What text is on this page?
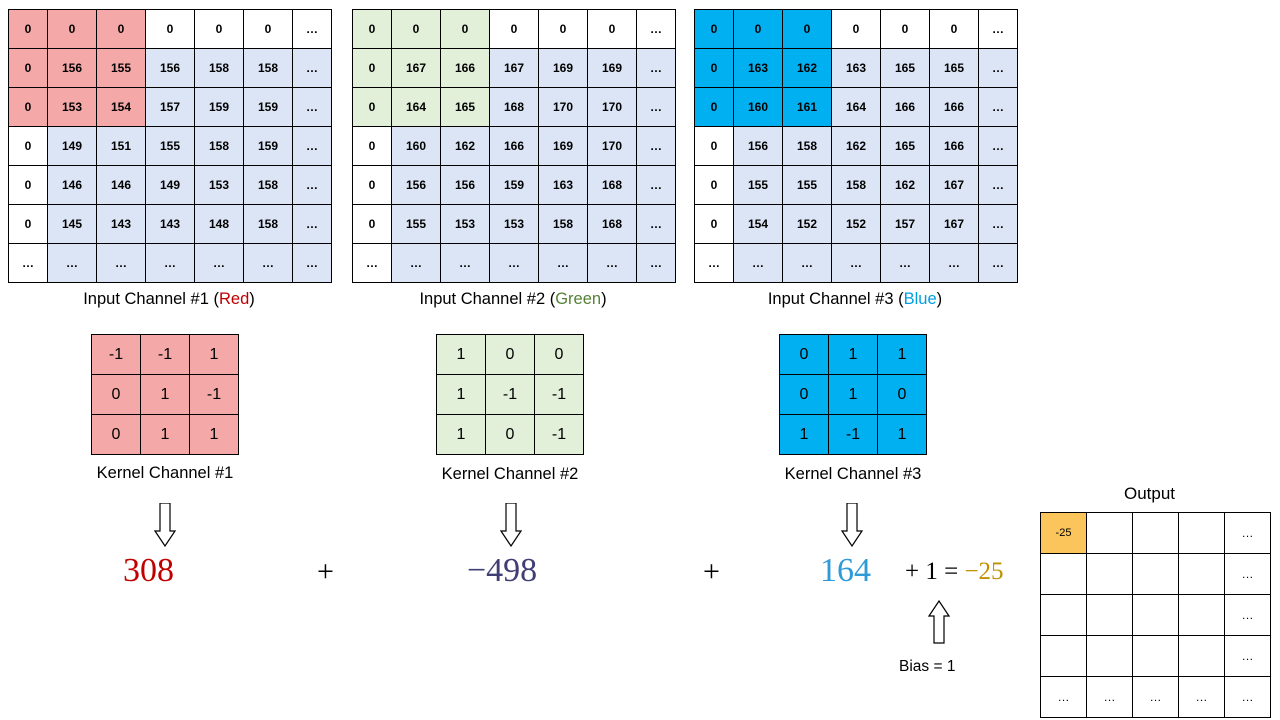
0	0	0	0	0	0	…
0	156	155	156	158	158	…
0	153	154	157	159	159	…
0	149	151	155	158	159	…
0	146	146	149	153	158	…
0	145	143	143	148	158	…
…	…	…	…	…	…	…
Input Channel #1 (Red)
0	0	0	0	0	0	…
0	167	166	167	169	169	…
0	164	165	168	170	170	…
0	160	162	166	169	170	…
0	156	156	159	163	168	…
0	155	153	153	158	168	…
…	…	…	…	…	…	…
Input Channel #2 (Green)
0	0	0	0	0	0	…
0	163	162	163	165	165	…
0	160	161	164	166	166	…
0	156	158	162	165	166	…
0	155	155	158	162	167	…
0	154	152	152	157	167	…
…	…	…	…	…	…	…
Input Channel #3 (Blue)
-1	-1	1
0	1	-1
0	1	1
Kernel Channel #1
1	0	0
1	-1	-1
1	0	-1
Kernel Channel #2
0	1	1
0	1	0
1	-1	1
Kernel Channel #3
308	+	−498	+	164 + 1 = −25
Bias = 1
Output
-25				…
				…
				…
				…
…	…	…	…	…
